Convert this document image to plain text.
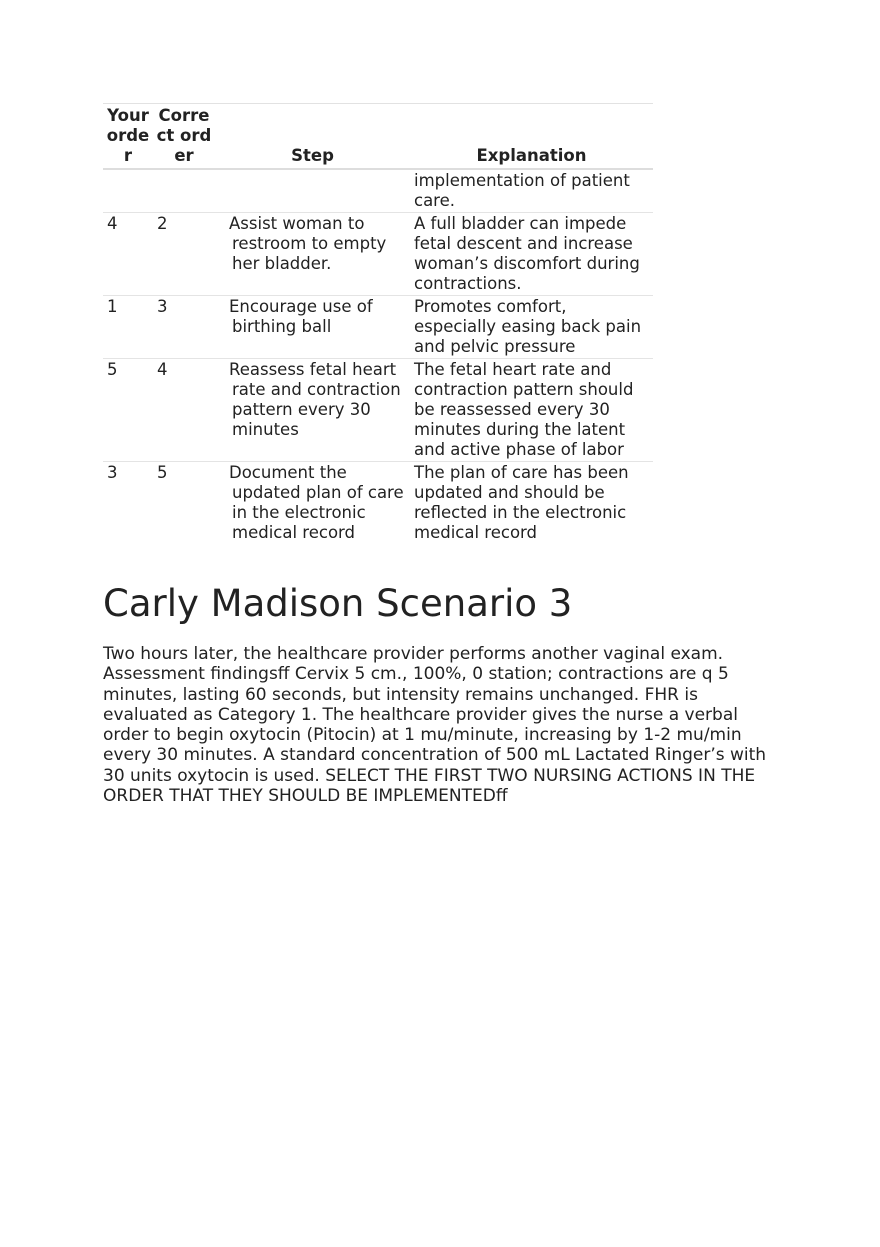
Your order	Correct order	Step	Explanation
			implementation of patient care.
4	2	Assist woman to restroom to empty her bladder.	A full bladder can impede fetal descent and increase woman’s discomfort during contractions.
1	3	Encourage use of birthing ball	Promotes comfort, especially easing back pain and pelvic pressure
5	4	Reassess fetal heart rate and contraction pattern every 30 minutes	The fetal heart rate and contraction pattern should be reassessed every 30 minutes during the latent and active phase of labor
3	5	Document the updated plan of care in the electronic medical record	The plan of care has been updated and should be reflected in the electronic medical record
Carly Madison Scenario 3

Two hours later, the healthcare provider performs another vaginal exam. Assessment findingsff Cervix 5 cm., 100%, 0 station; contractions are q 5 minutes, lasting 60 seconds, but intensity remains unchanged. FHR is evaluated as Category 1. The healthcare provider gives the nurse a verbal order to begin oxytocin (Pitocin) at 1 mu/minute, increasing by 1-2 mu/min every 30 minutes. A standard concentration of 500 mL Lactated Ringer’s with 30 units oxytocin is used. SELECT THE FIRST TWO NURSING ACTIONS IN THE ORDER THAT THEY SHOULD BE IMPLEMENTEDff
